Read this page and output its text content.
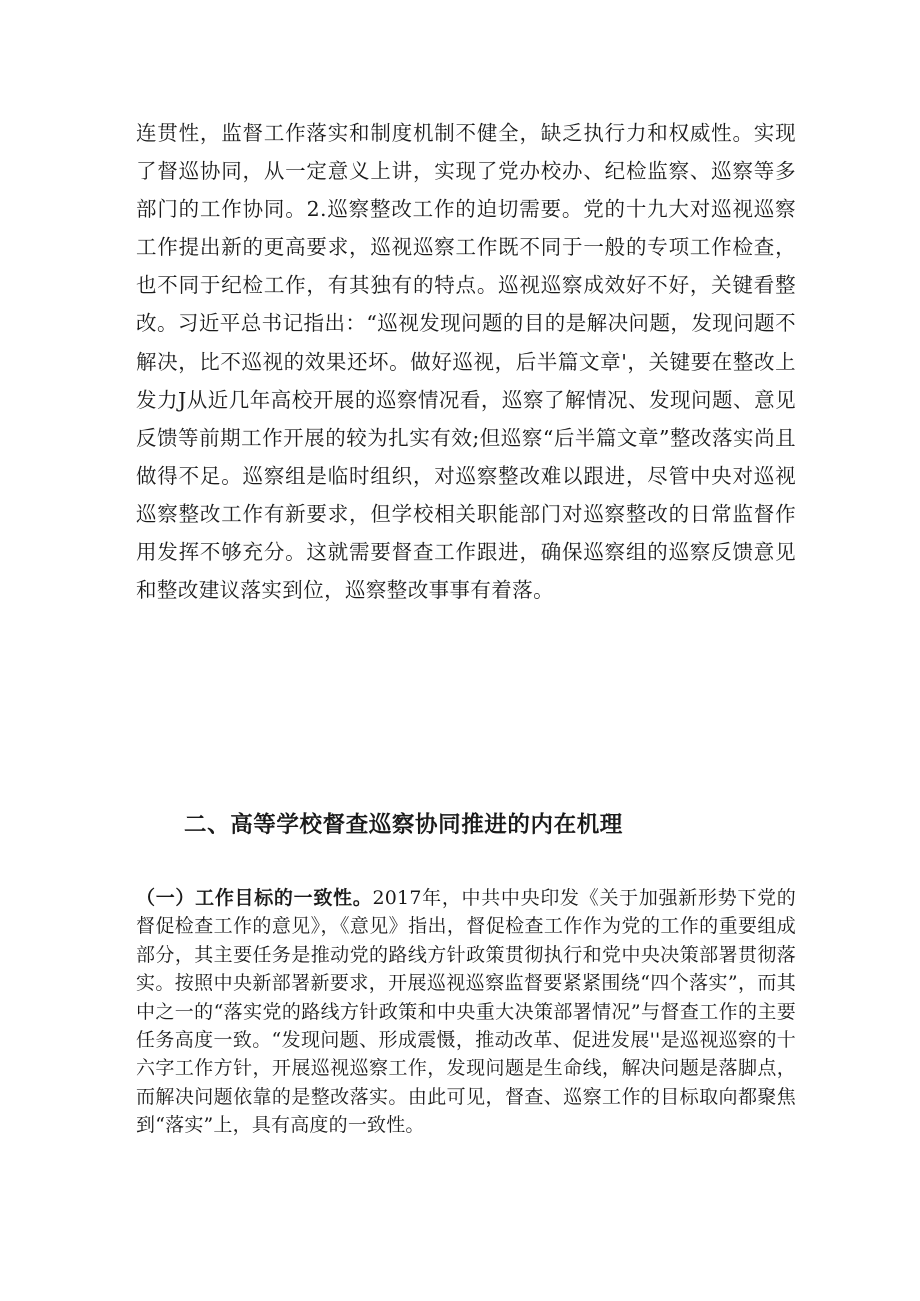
连贯性，监督工作落实和制度机制不健全，缺乏执行力和权威性。实现了督巡协同，从一定意义上讲，实现了党办校办、纪检监察、巡察等多部门的工作协同。2.巡察整改工作的迫切需要。党的十九大对巡视巡察工作提出新的更高要求，巡视巡察工作既不同于一般的专项工作检查，也不同于纪检工作，有其独有的特点。巡视巡察成效好不好，关键看整改。习近平总书记指出：“巡视发现问题的目的是解决问题，发现问题不解决，比不巡视的效果还坏。做好巡视，后半篇文章'，关键要在整改上发力J从近几年高校开展的巡察情况看，巡察了解情况、发现问题、意见反馈等前期工作开展的较为扎实有效;但巡察“后半篇文章”整改落实尚且做得不足。巡察组是临时组织，对巡察整改难以跟进，尽管中央对巡视巡察整改工作有新要求，但学校相关职能部门对巡察整改的日常监督作用发挥不够充分。这就需要督查工作跟进，确保巡察组的巡察反馈意见和整改建议落实到位，巡察整改事事有着落。

二、高等学校督查巡察协同推进的内在机理

（一）工作目标的一致性。2017年，中共中央印发《关于加强新形势下党的督促检查工作的意见》，《意见》指出，督促检查工作作为党的工作的重要组成部分，其主要任务是推动党的路线方针政策贯彻执行和党中央决策部署贯彻落实。按照中央新部署新要求，开展巡视巡察监督要紧紧围绕“四个落实”，而其中之一的“落实党的路线方针政策和中央重大决策部署情况”与督查工作的主要任务高度一致。“发现问题、形成震慑，推动改革、促进发展''是巡视巡察的十六字工作方针，开展巡视巡察工作，发现问题是生命线，解决问题是落脚点，而解决问题依靠的是整改落实。由此可见，督查、巡察工作的目标取向都聚焦到“落实”上，具有高度的一致性。
